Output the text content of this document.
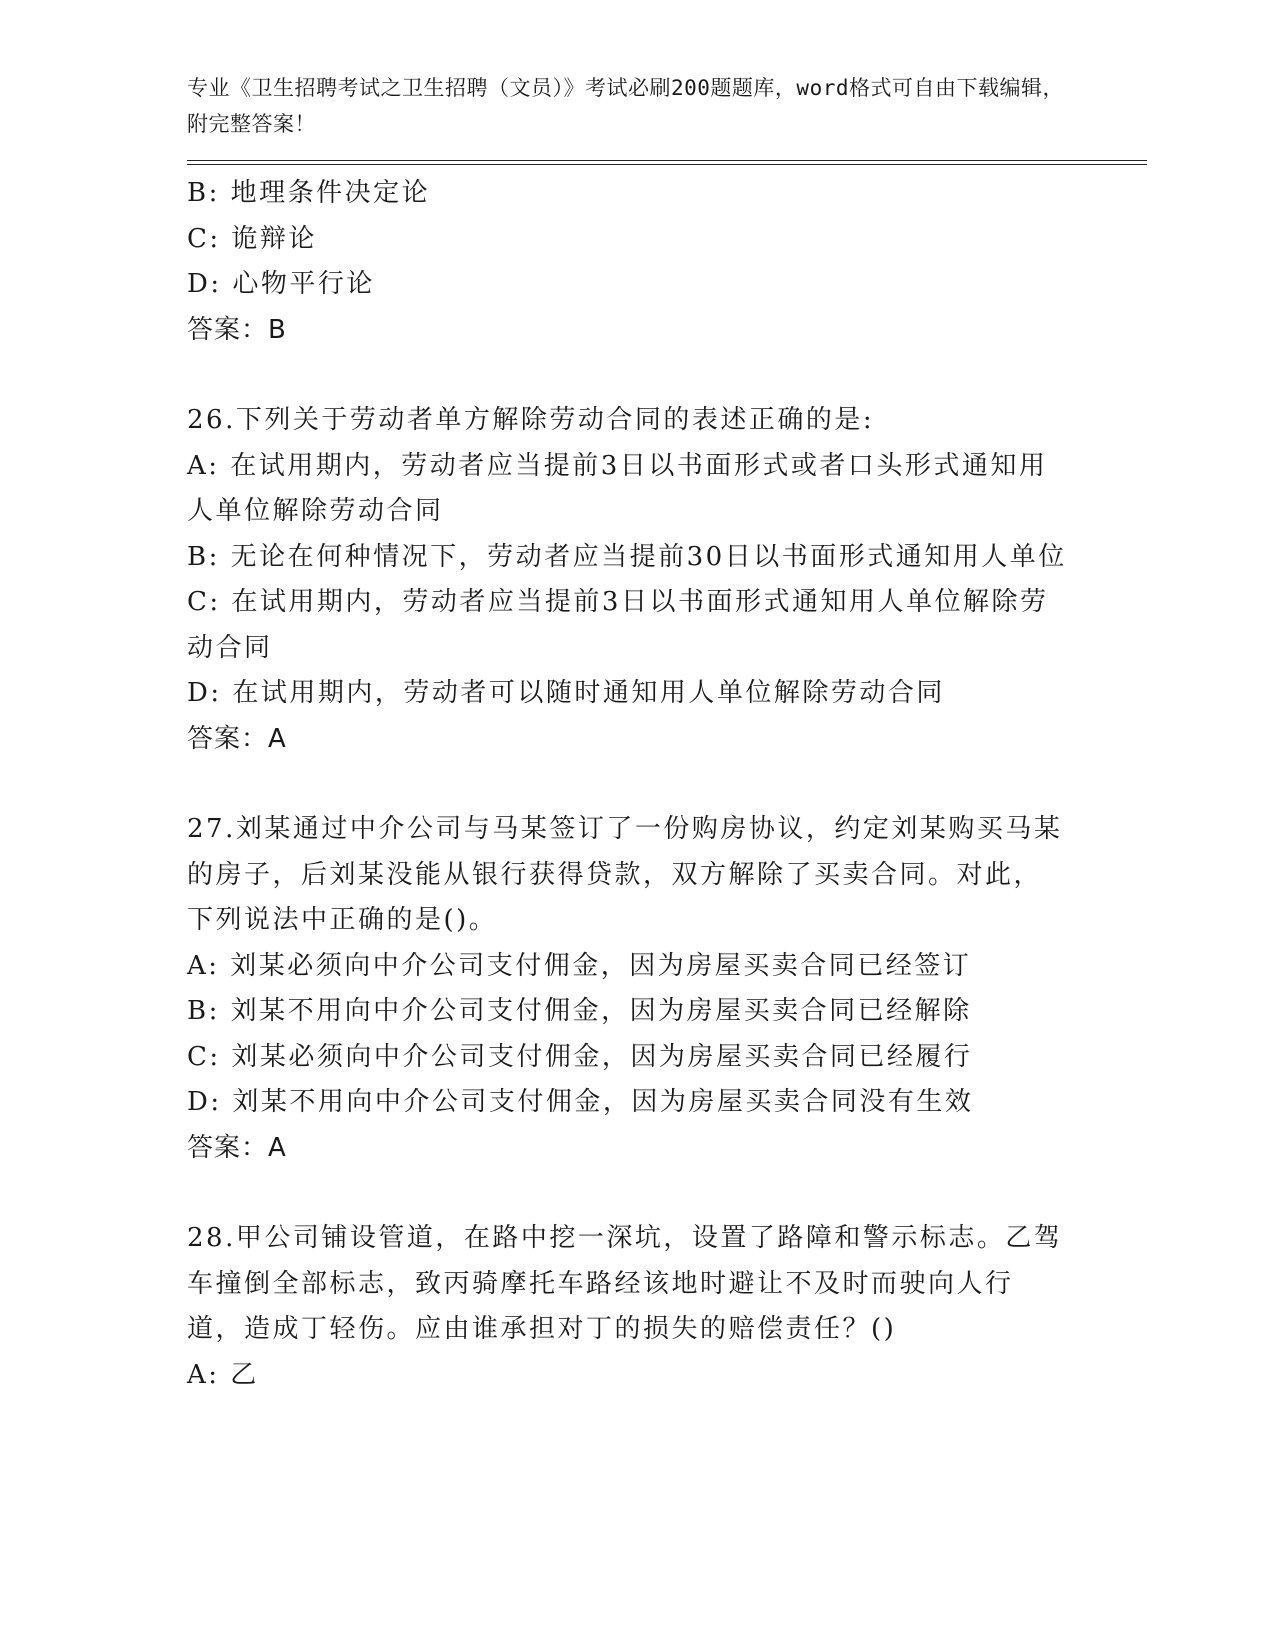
专业《卫生招聘考试之卫生招聘（文员）》考试必刷200题题库，word格式可自由下载编辑，附完整答案！
B: 地理条件决定论
C: 诡辩论
D: 心物平行论
答案：B
26.下列关于劳动者单方解除劳动合同的表述正确的是:
A: 在试用期内，劳动者应当提前3日以书面形式或者口头形式通知用人单位解除劳动合同
B: 无论在何种情况下，劳动者应当提前30日以书面形式通知用人单位
C: 在试用期内，劳动者应当提前3日以书面形式通知用人单位解除劳动合同
D: 在试用期内，劳动者可以随时通知用人单位解除劳动合同
答案：A
27.刘某通过中介公司与马某签订了一份购房协议，约定刘某购买马某的房子，后刘某没能从银行获得贷款，双方解除了买卖合同。对此，下列说法中正确的是()。
A: 刘某必须向中介公司支付佣金，因为房屋买卖合同已经签订
B: 刘某不用向中介公司支付佣金，因为房屋买卖合同已经解除
C: 刘某必须向中介公司支付佣金，因为房屋买卖合同已经履行
D: 刘某不用向中介公司支付佣金，因为房屋买卖合同没有生效
答案：A
28.甲公司铺设管道，在路中挖一深坑，设置了路障和警示标志。乙驾车撞倒全部标志，致丙骑摩托车路经该地时避让不及时而驶向人行道，造成丁轻伤。应由谁承担对丁的损失的赔偿责任？()
A: 乙
